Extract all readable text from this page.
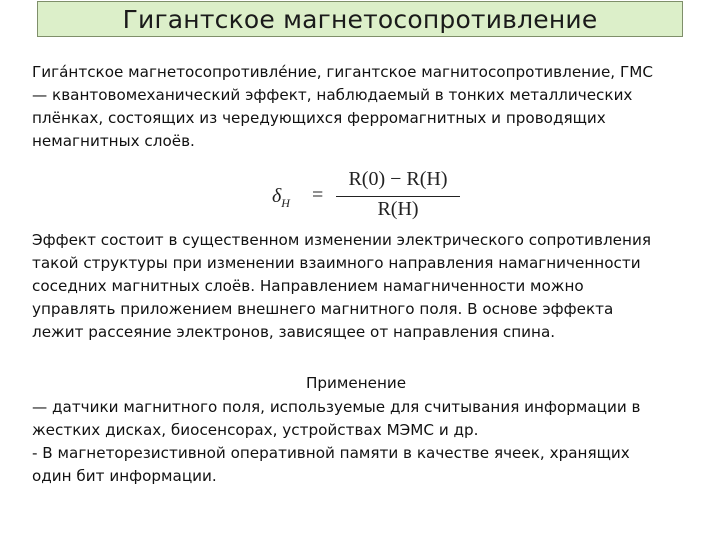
Гигантское магнетосопротивление

Гига́нтское магнетосопротивле́ние, гигантское магнитосопротивление, ГМС
— квантовомеханический эффект, наблюдаемый в тонких металлических
плёнках, состоящих из чередующихся ферромагнитных и проводящих
немагнитных слоёв.

$\delta_H$ =
R(0) − R(H)
R(H)

Эффект состоит в существенном изменении электрического сопротивления
такой структуры при изменении взаимного направления намагниченности
соседних магнитных слоёв. Направлением намагниченности можно
управлять приложением внешнего магнитного поля. В основе эффекта
лежит рассеяние электронов, зависящее от направления спина.

Применение
— датчики магнитного поля, используемые для считывания информации в
жестких дисках, биосенсорах, устройствах МЭМС и др.
- В магнеторезистивной оперативной памяти в качестве ячеек, хранящих
один бит информации.
